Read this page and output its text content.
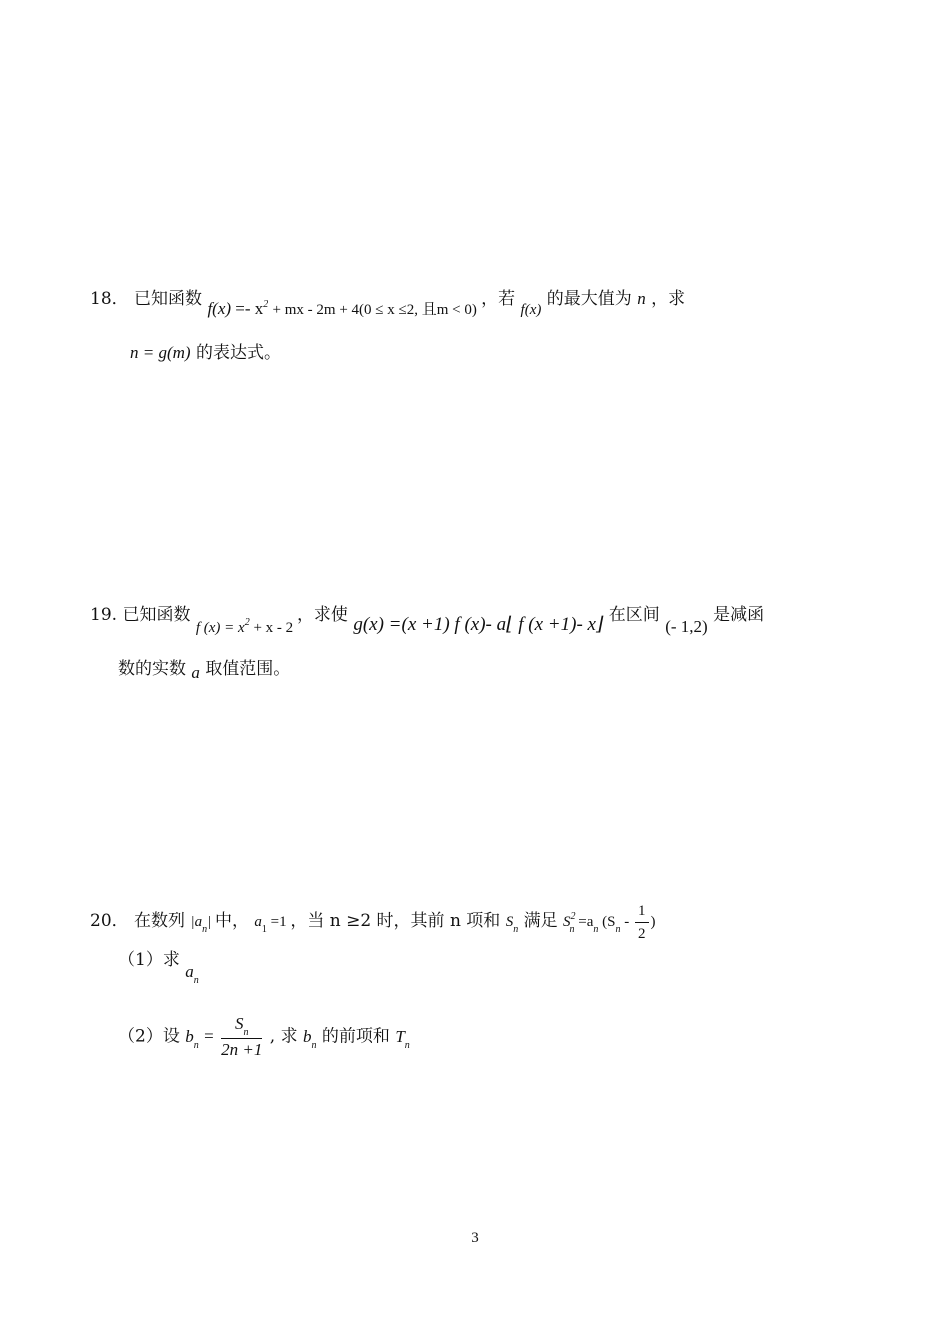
18． 已知函数 $f(x) =- x^2$ + mx - 2m + 4(0 ≤ x ≤2, 且m < 0) ，若 f(x) 的最大值为 n ，求
n = g(m) 的表达式。
19. 已知函数 f $(x) = x^2 + x - 2$ ，求使 g(x) =(x +1) f (x)- a⌊ f (x +1)- x⌋ 在区间 (- 1,2) 是减函
数的实数 a 取值范围。
20． 在数列 $|a_n|$ 中， $a_1 =1$ ，当 n ≥2 时，其前 n 项和 $S_n$ 满足 $S^2_n =a_n$ ($S_n - \frac{1}{2}$ )
（1）求 $a_n$
（2）设 $b_n = \frac{S_n}{2n +1}$ , 求 $b_n$ 的前项和 $T_n$
3
